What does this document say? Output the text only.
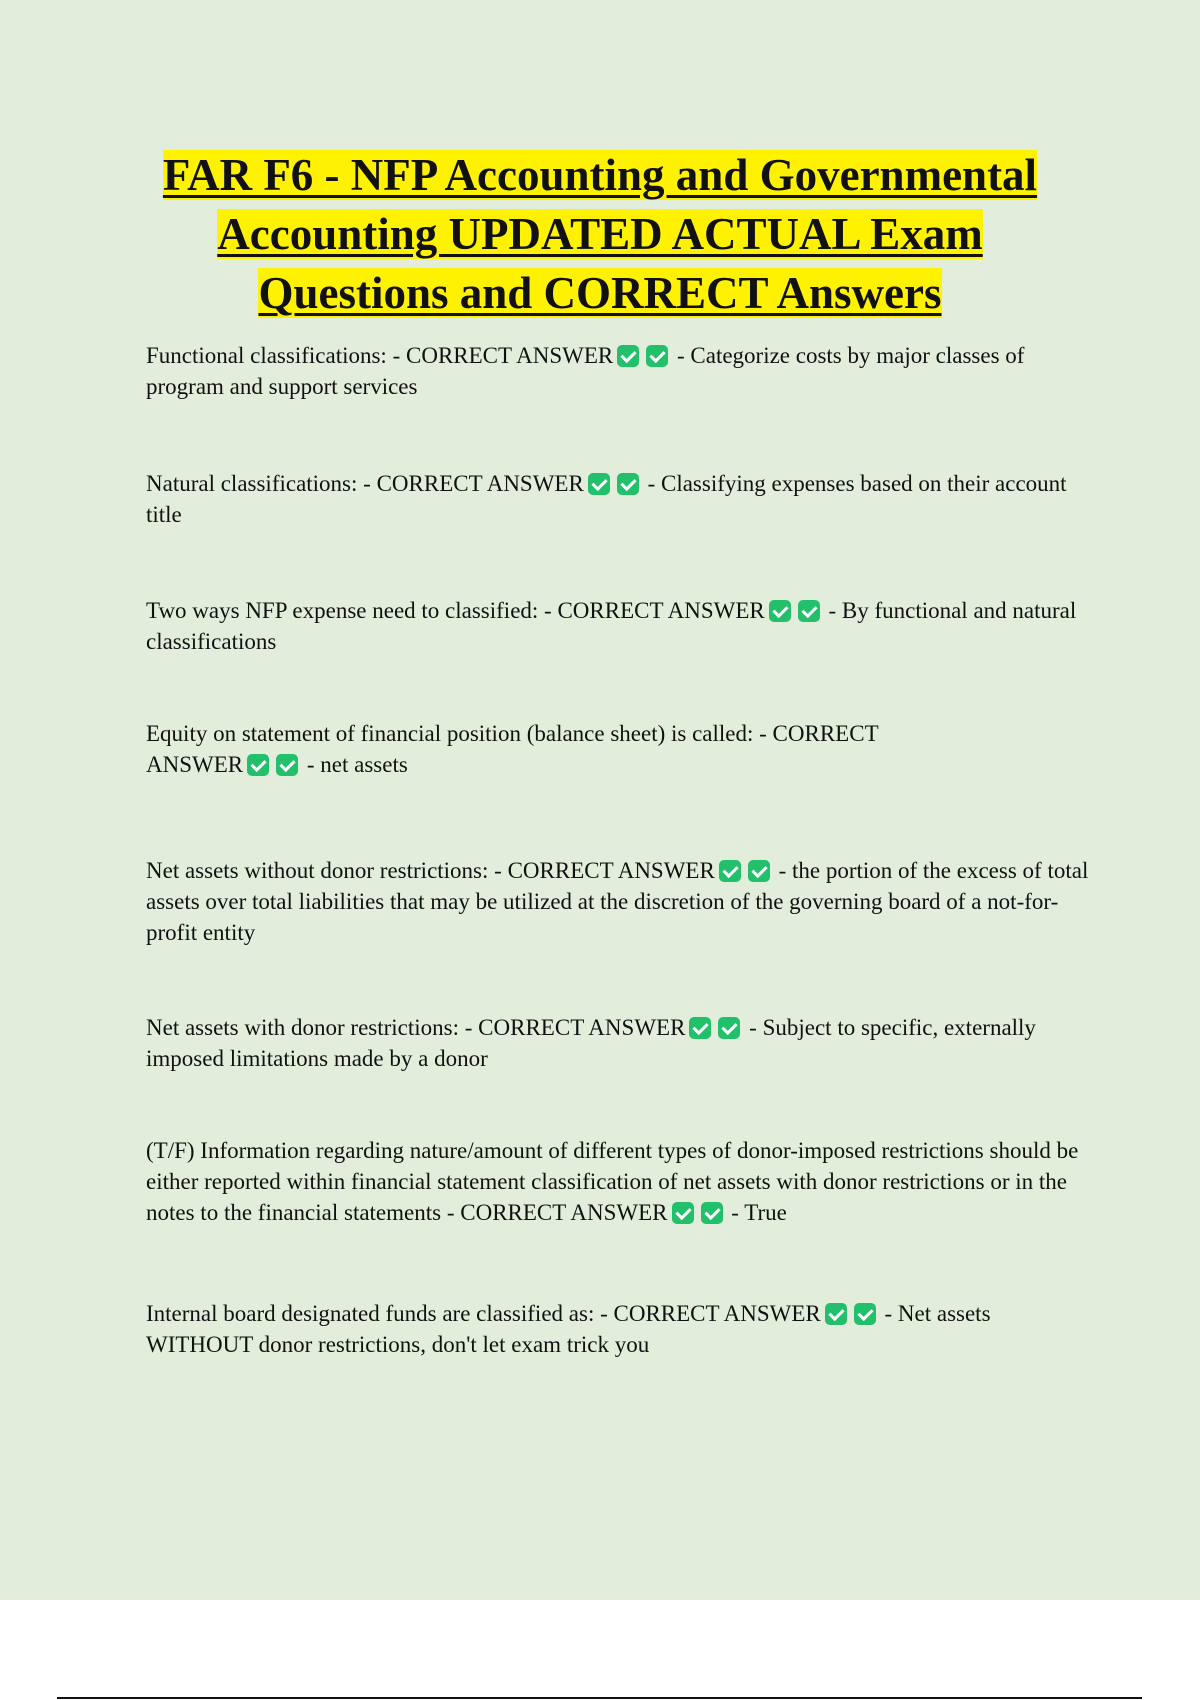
FAR F6 - NFP Accounting and Governmental Accounting UPDATED ACTUAL Exam Questions and CORRECT Answers

Functional classifications: - CORRECT ANSWER	- Categorize costs by major classes of program and support services

Natural classifications: - CORRECT ANSWER	- Classifying expenses based on their account title

Two ways NFP expense need to classified: - CORRECT ANSWER	- By functional and natural classifications

Equity on statement of financial position (balance sheet) is called: - CORRECT ANSWER	- net assets

Net assets without donor restrictions: - CORRECT ANSWER	- the portion of the excess of total assets over total liabilities that may be utilized at the discretion of the governing board of a not-for-profit entity

Net assets with donor restrictions: - CORRECT ANSWER	- Subject to specific, externally imposed limitations made by a donor

(T/F) Information regarding nature/amount of different types of donor-imposed restrictions should be either reported within financial statement classification of net assets with donor restrictions or in the notes to the financial statements - CORRECT ANSWER	- True

Internal board designated funds are classified as: - CORRECT ANSWER	- Net assets WITHOUT donor restrictions, don't let exam trick you
